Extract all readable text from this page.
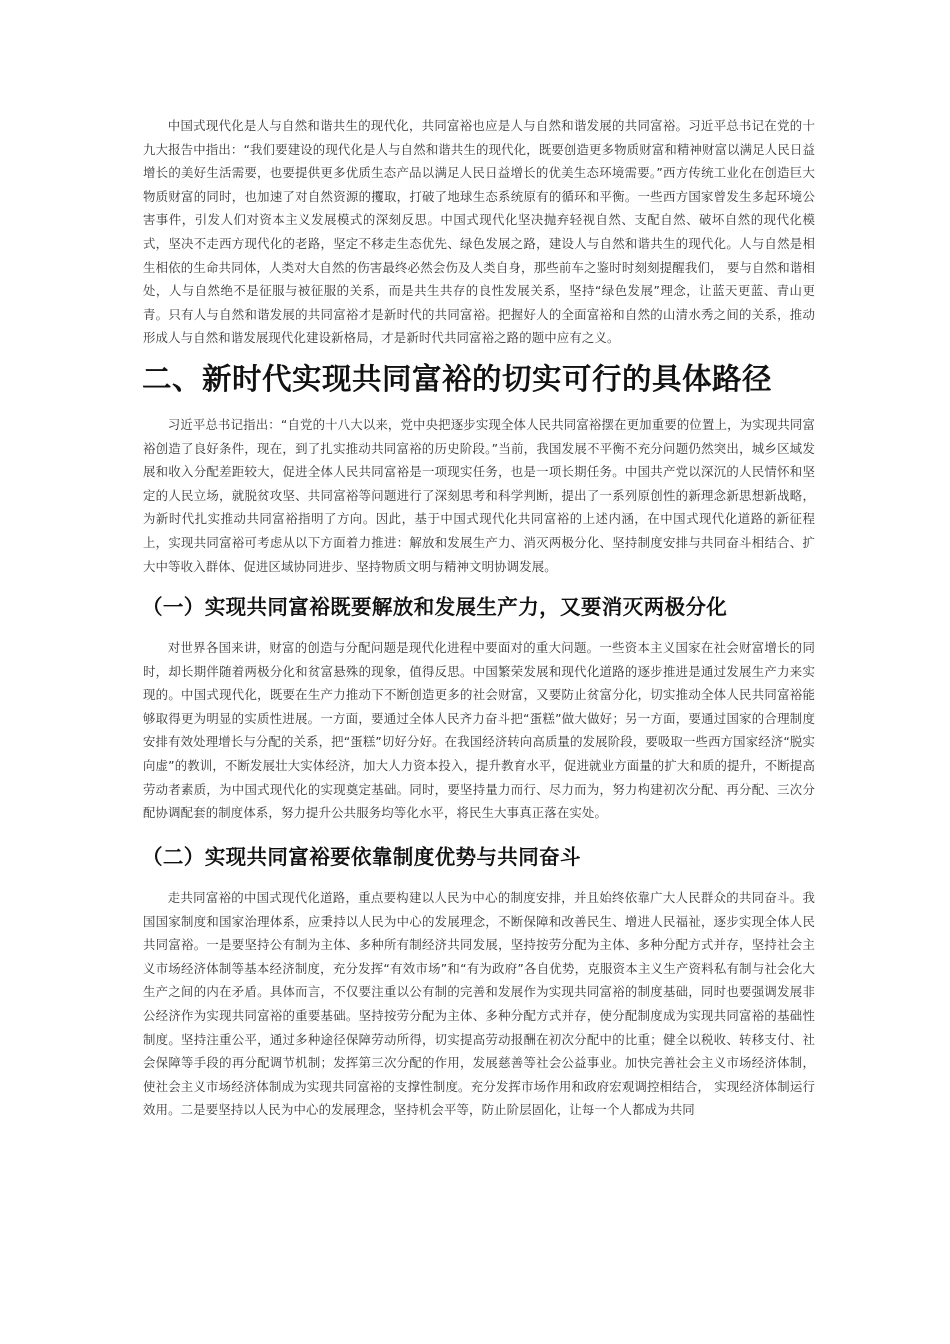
中国式现代化是人与自然和谐共生的现代化，共同富裕也应是人与自然和谐发展的共同富裕。习近平总书记在党的十九大报告中指出：“我们要建设的现代化是人与自然和谐共生的现代化，既要创造更多物质财富和精神财富以满足人民日益增长的美好生活需要，也要提供更多优质生态产品以满足人民日益增长的优美生态环境需要。”西方传统工业化在创造巨大物质财富的同时，也加速了对自然资源的攫取，打破了地球生态系统原有的循环和平衡。一些西方国家曾发生多起环境公害事件，引发人们对资本主义发展模式的深刻反思。中国式现代化坚决抛弃轻视自然、支配自然、破坏自然的现代化模式，坚决不走西方现代化的老路，坚定不移走生态优先、绿色发展之路，建设人与自然和谐共生的现代化。人与自然是相生相依的生命共同体，人类对大自然的伤害最终必然会伤及人类自身，那些前车之鉴时时刻刻提醒我们， 要与自然和谐相处，人与自然绝不是征服与被征服的关系，而是共生共存的良性发展关系，坚持“绿色发展”理念，让蓝天更蓝、青山更青。只有人与自然和谐发展的共同富裕才是新时代的共同富裕。把握好人的全面富裕和自然的山清水秀之间的关系，推动形成人与自然和谐发展现代化建设新格局，才是新时代共同富裕之路的题中应有之义。

二、新时代实现共同富裕的切实可行的具体路径

习近平总书记指出：“自党的十八大以来，党中央把逐步实现全体人民共同富裕摆在更加重要的位置上，为实现共同富裕创造了良好条件，现在，到了扎实推动共同富裕的历史阶段。”当前，我国发展不平衡不充分问题仍然突出，城乡区域发展和收入分配差距较大，促进全体人民共同富裕是一项现实任务，也是一项长期任务。中国共产党以深沉的人民情怀和坚定的人民立场，就脱贫攻坚、共同富裕等问题进行了深刻思考和科学判断，提出了一系列原创性的新理念新思想新战略，为新时代扎实推动共同富裕指明了方向。因此，基于中国式现代化共同富裕的上述内涵，在中国式现代化道路的新征程上，实现共同富裕可考虑从以下方面着力推进：解放和发展生产力、消灭两极分化、坚持制度安排与共同奋斗相结合、扩大中等收入群体、促进区域协同进步、坚持物质文明与精神文明协调发展。

（一）实现共同富裕既要解放和发展生产力，又要消灭两极分化

对世界各国来讲，财富的创造与分配问题是现代化进程中要面对的重大问题。一些资本主义国家在社会财富增长的同时，却长期伴随着两极分化和贫富悬殊的现象，值得反思。中国繁荣发展和现代化道路的逐步推进是通过发展生产力来实现的。中国式现代化，既要在生产力推动下不断创造更多的社会财富，又要防止贫富分化，切实推动全体人民共同富裕能够取得更为明显的实质性进展。一方面，要通过全体人民齐力奋斗把“蛋糕”做大做好；另一方面，要通过国家的合理制度安排有效处理增长与分配的关系，把“蛋糕”切好分好。在我国经济转向高质量的发展阶段，要吸取一些西方国家经济“脱实向虚”的教训，不断发展壮大实体经济，加大人力资本投入，提升教育水平，促进就业方面量的扩大和质的提升，不断提高劳动者素质，为中国式现代化的实现奠定基础。同时，要坚持量力而行、尽力而为，努力构建初次分配、再分配、三次分配协调配套的制度体系，努力提升公共服务均等化水平，将民生大事真正落在实处。

（二）实现共同富裕要依靠制度优势与共同奋斗

走共同富裕的中国式现代化道路，重点要构建以人民为中心的制度安排，并且始终依靠广大人民群众的共同奋斗。我国国家制度和国家治理体系，应秉持以人民为中心的发展理念，不断保障和改善民生、增进人民福祉，逐步实现全体人民共同富裕。一是要坚持公有制为主体、多种所有制经济共同发展，坚持按劳分配为主体、多种分配方式并存，坚持社会主义市场经济体制等基本经济制度，充分发挥“有效市场”和“有为政府”各自优势，克服资本主义生产资料私有制与社会化大生产之间的内在矛盾。具体而言，不仅要注重以公有制的完善和发展作为实现共同富裕的制度基础，同时也要强调发展非公经济作为实现共同富裕的重要基础。坚持按劳分配为主体、多种分配方式并存，使分配制度成为实现共同富裕的基础性制度。坚持注重公平，通过多种途径保障劳动所得，切实提高劳动报酬在初次分配中的比重；健全以税收、转移支付、社会保障等手段的再分配调节机制；发挥第三次分配的作用，发展慈善等社会公益事业。加快完善社会主义市场经济体制，使社会主义市场经济体制成为实现共同富裕的支撑性制度。充分发挥市场作用和政府宏观调控相结合， 实现经济体制运行效用。二是要坚持以人民为中心的发展理念，坚持机会平等，防止阶层固化，让每一个人都成为共同
